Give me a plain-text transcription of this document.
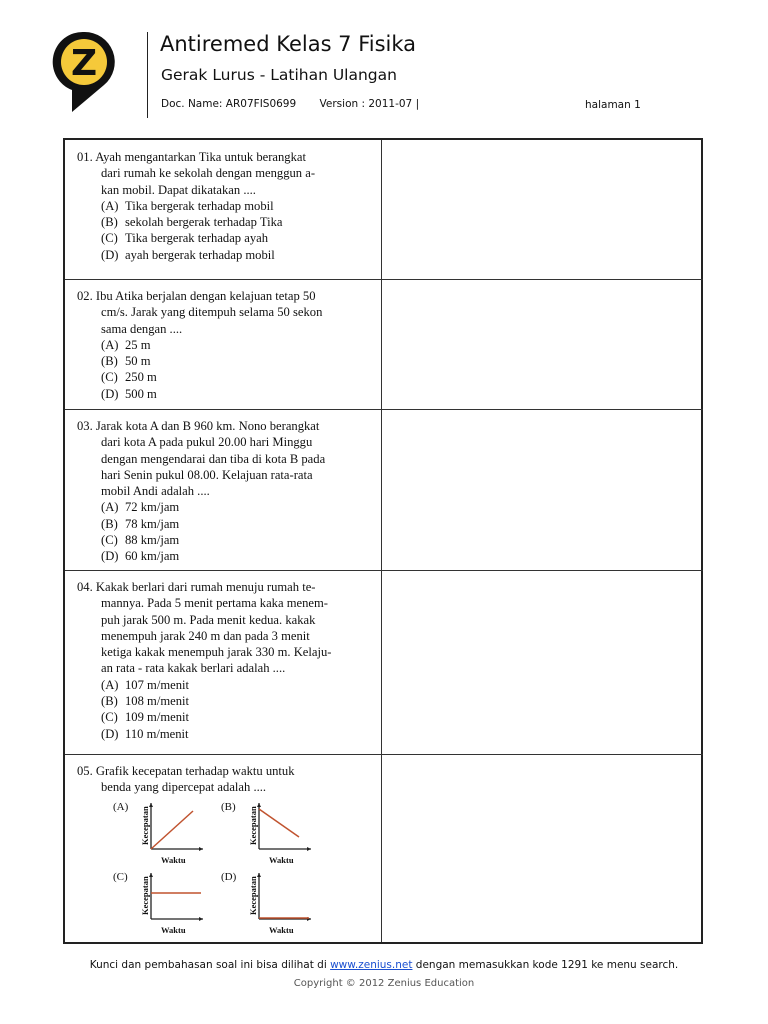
Z	Antiremed Kelas 7 Fisika
Gerak Lurus - Latihan Ulangan
Doc. Name: AR07FIS0699 Version : 2011-07 |	halaman 1
01. Ayah mengantarkan Tika untuk berangkat
dari rumah ke sekolah dengan menggun a-
kan mobil. Dapat dikatakan ....
(A) Tika bergerak terhadap mobil
(B) sekolah bergerak terhadap Tika
(C) Tika bergerak terhadap ayah
(D) ayah bergerak terhadap mobil
02. Ibu Atika berjalan dengan kelajuan tetap 50
cm/s. Jarak yang ditempuh selama 50 sekon
sama dengan ....
(A) 25 m
(B) 50 m
(C) 250 m
(D) 500 m
03. Jarak kota A dan B 960 km. Nono berangkat
dari kota A pada pukul 20.00 hari Minggu
dengan mengendarai dan tiba di kota B pada
hari Senin pukul 08.00. Kelajuan rata-rata
mobil Andi adalah ....
(A) 72 km/jam
(B) 78 km/jam
(C) 88 km/jam
(D) 60 km/jam
04. Kakak berlari dari rumah menuju rumah te-
mannya. Pada 5 menit pertama kaka menem-
puh jarak 500 m. Pada menit kedua. kakak
menempuh jarak 240 m dan pada 3 menit
ketiga kakak menempuh jarak 330 m. Kelaju-
an rata - rata kakak berlari adalah ....
(A) 107 m/menit
(B) 108 m/menit
(C) 109 m/menit
(D) 110 m/menit
05. Grafik kecepatan terhadap waktu untuk
benda yang dipercepat adalah ....
(A)	Kecepatan
Waktu
(B)	Kecepatan
Waktu
(C)	Kecepatan
Waktu
(D)	Kecepatan
Waktu
Kunci dan pembahasan soal ini bisa dilihat di www.zenius.net dengan memasukkan kode 1291 ke menu search.
Copyright © 2012 Zenius Education
